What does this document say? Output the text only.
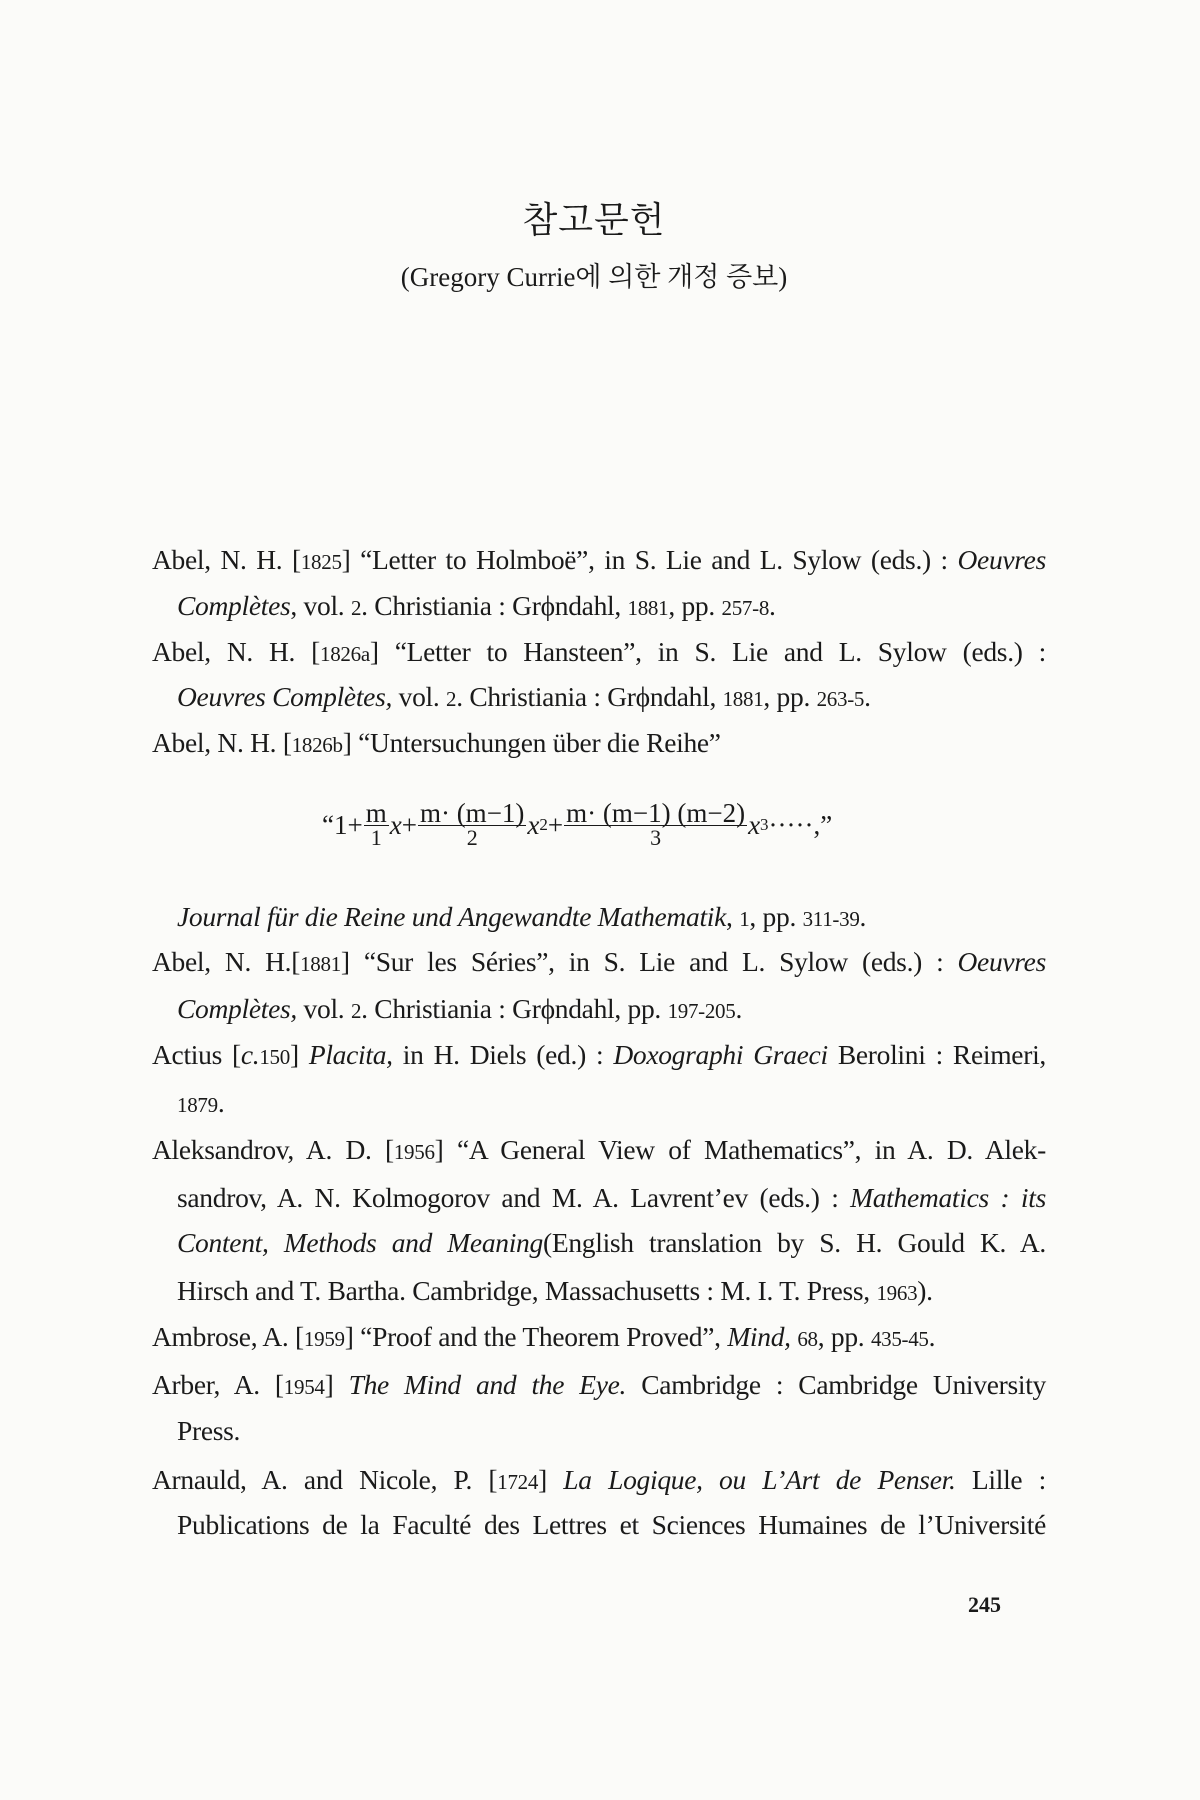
참고문헌
(Gregory Currie에 의한 개정 증보)
Abel, N. H. [1825] “Letter to Holmboë”, in S. Lie and L. Sylow (eds.) : Oeuvres
Complètes, vol. 2. Christiania : Grϕndahl, 1881, pp. 257-8.
Abel, N. H. [1826a] “Letter to Hansteen”, in S. Lie and L. Sylow (eds.) :
Oeuvres Complètes, vol. 2. Christiania : Grϕndahl, 1881, pp. 263-5.
Abel, N. H. [1826b] “Untersuchungen über die Reihe”
Journal für die Reine und Angewandte Mathematik, 1, pp. 311-39.
Abel, N. H.[1881] “Sur les Séries”, in S. Lie and L. Sylow (eds.) : Oeuvres
Complètes, vol. 2. Christiania : Grϕndahl, pp. 197-205.
Actius [c.150] Placita, in H. Diels (ed.) : Doxographi Graeci Berolini : Reimeri,
1879.
Aleksandrov, A. D. [1956] “A General View of Mathematics”, in A. D. Alek-
sandrov, A. N. Kolmogorov and M. A. Lavrent’ev (eds.) : Mathematics : its
Content, Methods and Meaning(English translation by S. H. Gould K. A.
Hirsch and T. Bartha. Cambridge, Massachusetts : M. I. T. Press, 1963).
Ambrose, A. [1959] “Proof and the Theorem Proved”, Mind, 68, pp. 435-45.
Arber, A. [1954] The Mind and the Eye. Cambridge : Cambridge University
Press.
Arnauld, A. and Nicole, P. [1724] La Logique, ou L’Art de Penser. Lille :
Publications de la Faculté des Lettres et Sciences Humaines de l’Université
“$1+ \frac{m}{1}$ $x + \frac{m\cdot (m-1)}{2}$ x $2 + \frac{m\cdot (m-1) (m-2)}{3}$ x 3 ·····,”
245
